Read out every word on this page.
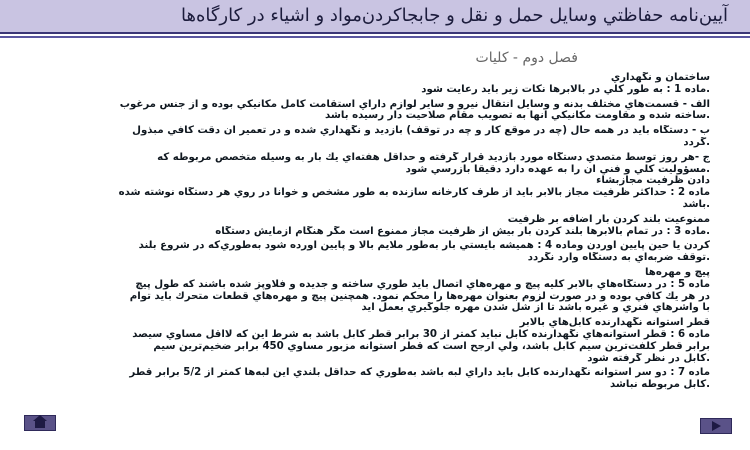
آيين‌نامه حفاظتي وسايل حمل و نقل و جابجاكردن‌مواد و اشياء در كارگاه‌ها
فصل دوم - كليات
ساختمان و نگهداري
.ماده 1 : به طور كلي در بالابرها نكات زير بايد رعايت شود
الف - قسمت‌هاي مختلف بدنه و وسايل انتقال نيرو و ساير لوازم داراي استقامت كامل مكانيكي بوده و از جنس مرغوب
.ساخته شده و مقاومت مكانيكي آنها به تصويب مقام صلاحيت دار رسيده باشد
ب - دستگاه بايد در همه حال (چه در موقع كار و چه در توقف) بازديد و نگهداري شده و در تعمير آن دقت كافي مبذول
.گردد
ج -هر روز توسط متصدي دستگاه مورد بازديد قرار گرفته و حداقل هفته‌اي يك بار به وسيله متخصص مربوطه كه
.مسؤوليت كلي و فني آن را به عهده دارد دقيقاً بازرسي شود
دادن ظرفيت مجازبشاء
ماده 2 : حداكثر ظرفيت مجاز بالابر بايد از طرف كارخانه سازنده به طور مشخص و خوانا در روي هر دستگاه نوشته شده
.باشد
ممنوعيت بلند كردن بار اضافه بر ظرفيت
.ماده 3 : در تمام بالابرها بلند كردن بار بيش از ظرفيت مجاز ممنوع است مگر هنگام آزمايش دستگاه
كردن يا حين پايين آوردن وماده 4 : هميشه بايستي بار به‌طور ملايم بالا و پايين آورده شود به‌طوري‌كه در شروع بلند
.توقف ضربه‌اي به دستگاه وارد نگردد
پيچ و مهره‌ها
ماده 5 : در دستگاه‌هاي بالابر كليه پيچ و مهره‌هاي اتصال بايد طوري ساخته و جديده و فلاوپز شده باشند كه طول پيچ
در هر يك كافي بوده و در صورت لزوم بعنوان مهره‌ها را محكم نمود. همچنين پيچ و مهره‌هاي قطعات متحرك بايد توام
با واشرهاي فنري و غيره باشد تا از شل شدن مهره جلوگيري بعمل آيد
قطر استوانه نگهدارنده كابل‌هاي بالابر
ماده 6 : قطر استوانه‌هاي نگهدارنده كابل نبايد كمتر از 30 برابر قطر كابل باشد به شرط اين كه لااقل مساوي سيصد
برابر قطر كلفت‌ترين سيم كابل باشد، ولي ارجح است كه قطر استوانه مزبور مساوي 450 برابر ضخيم‌ترين سيم
.كابل در نظر گرفته شود
ماده 7 : دو سر استوانه نگهدارنده كابل بايد داراي لبه باشد به‌طوري كه حداقل بلندي اين لبه‌ها كمتر از 5/2 برابر قطر
.كابل مربوطه نباشد
